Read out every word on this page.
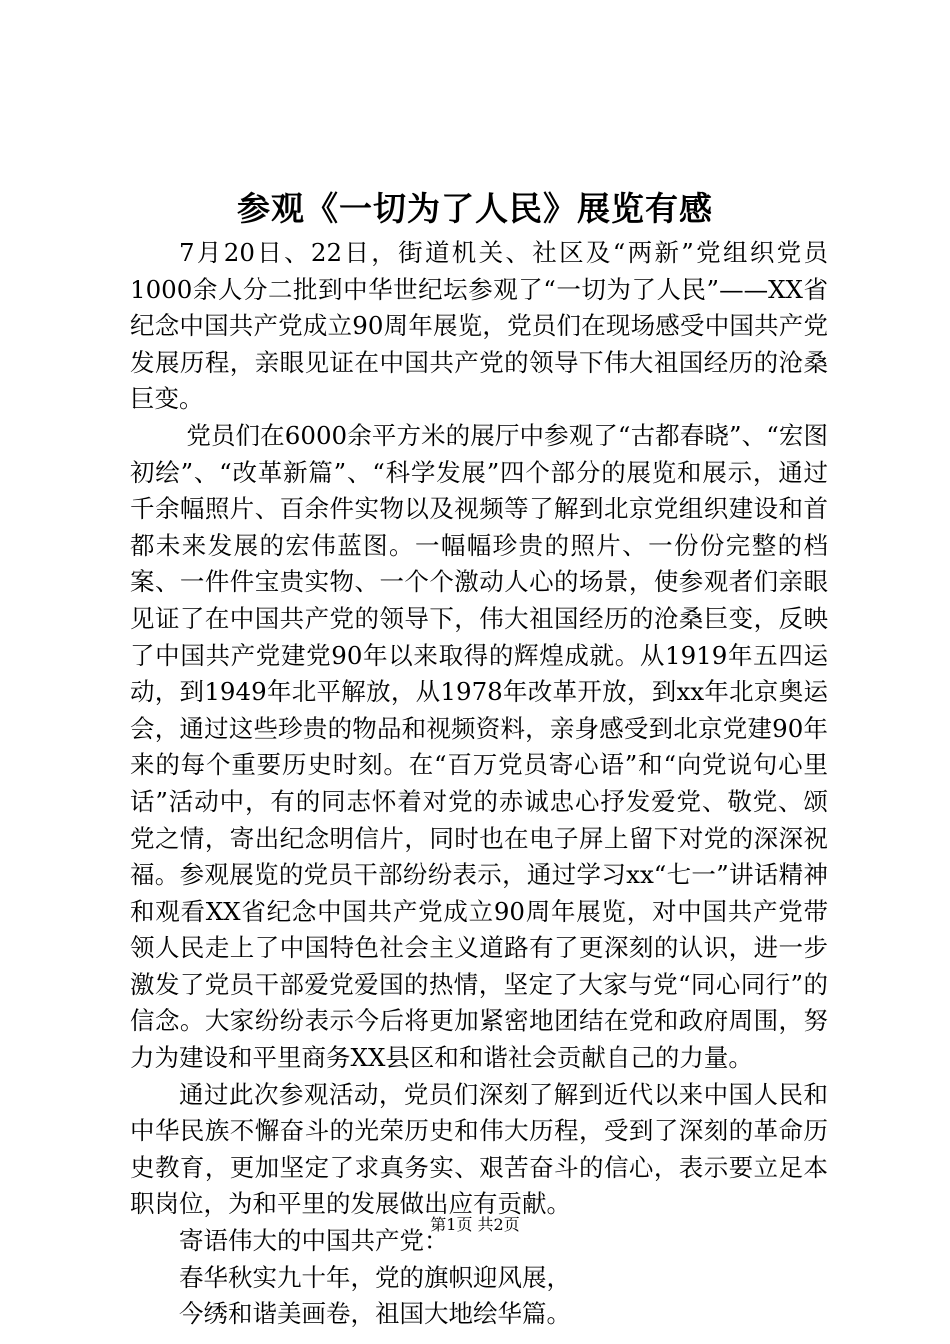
参观《一切为了人民》展览有感

7月20日、22日，街道机关、社区及“两新”党组织党员1000余人分二批到中华世纪坛参观了“一切为了人民”——XX省纪念中国共产党成立90周年展览，党员们在现场感受中国共产党发展历程，亲眼见证在中国共产党的领导下伟大祖国经历的沧桑巨变。

党员们在6000余平方米的展厅中参观了“古都春晓”、“宏图初绘”、“改革新篇”、“科学发展”四个部分的展览和展示，通过千余幅照片、百余件实物以及视频等了解到北京党组织建设和首都未来发展的宏伟蓝图。一幅幅珍贵的照片、一份份完整的档案、一件件宝贵实物、一个个激动人心的场景，使参观者们亲眼见证了在中国共产党的领导下，伟大祖国经历的沧桑巨变，反映了中国共产党建党90年以来取得的辉煌成就。从1919年五四运动，到1949年北平解放，从1978年改革开放，到xx年北京奥运会，通过这些珍贵的物品和视频资料，亲身感受到北京党建90年来的每个重要历史时刻。在“百万党员寄心语”和“向党说句心里话”活动中，有的同志怀着对党的赤诚忠心抒发爱党、敬党、颂党之情，寄出纪念明信片，同时也在电子屏上留下对党的深深祝福。参观展览的党员干部纷纷表示，通过学习xx“七一”讲话精神和观看XX省纪念中国共产党成立90周年展览，对中国共产党带领人民走上了中国特色社会主义道路有了更深刻的认识，进一步激发了党员干部爱党爱国的热情，坚定了大家与党“同心同行”的信念。大家纷纷表示今后将更加紧密地团结在党和政府周围，努力为建设和平里商务XX县区和和谐社会贡献自己的力量。

通过此次参观活动，党员们深刻了解到近代以来中国人民和中华民族不懈奋斗的光荣历史和伟大历程，受到了深刻的革命历史教育，更加坚定了求真务实、艰苦奋斗的信心，表示要立足本职岗位，为和平里的发展做出应有贡献。

寄语伟大的中国共产党：

春华秋实九十年，党的旗帜迎风展，

今绣和谐美画卷，祖国大地绘华篇。

第1页 共2页
